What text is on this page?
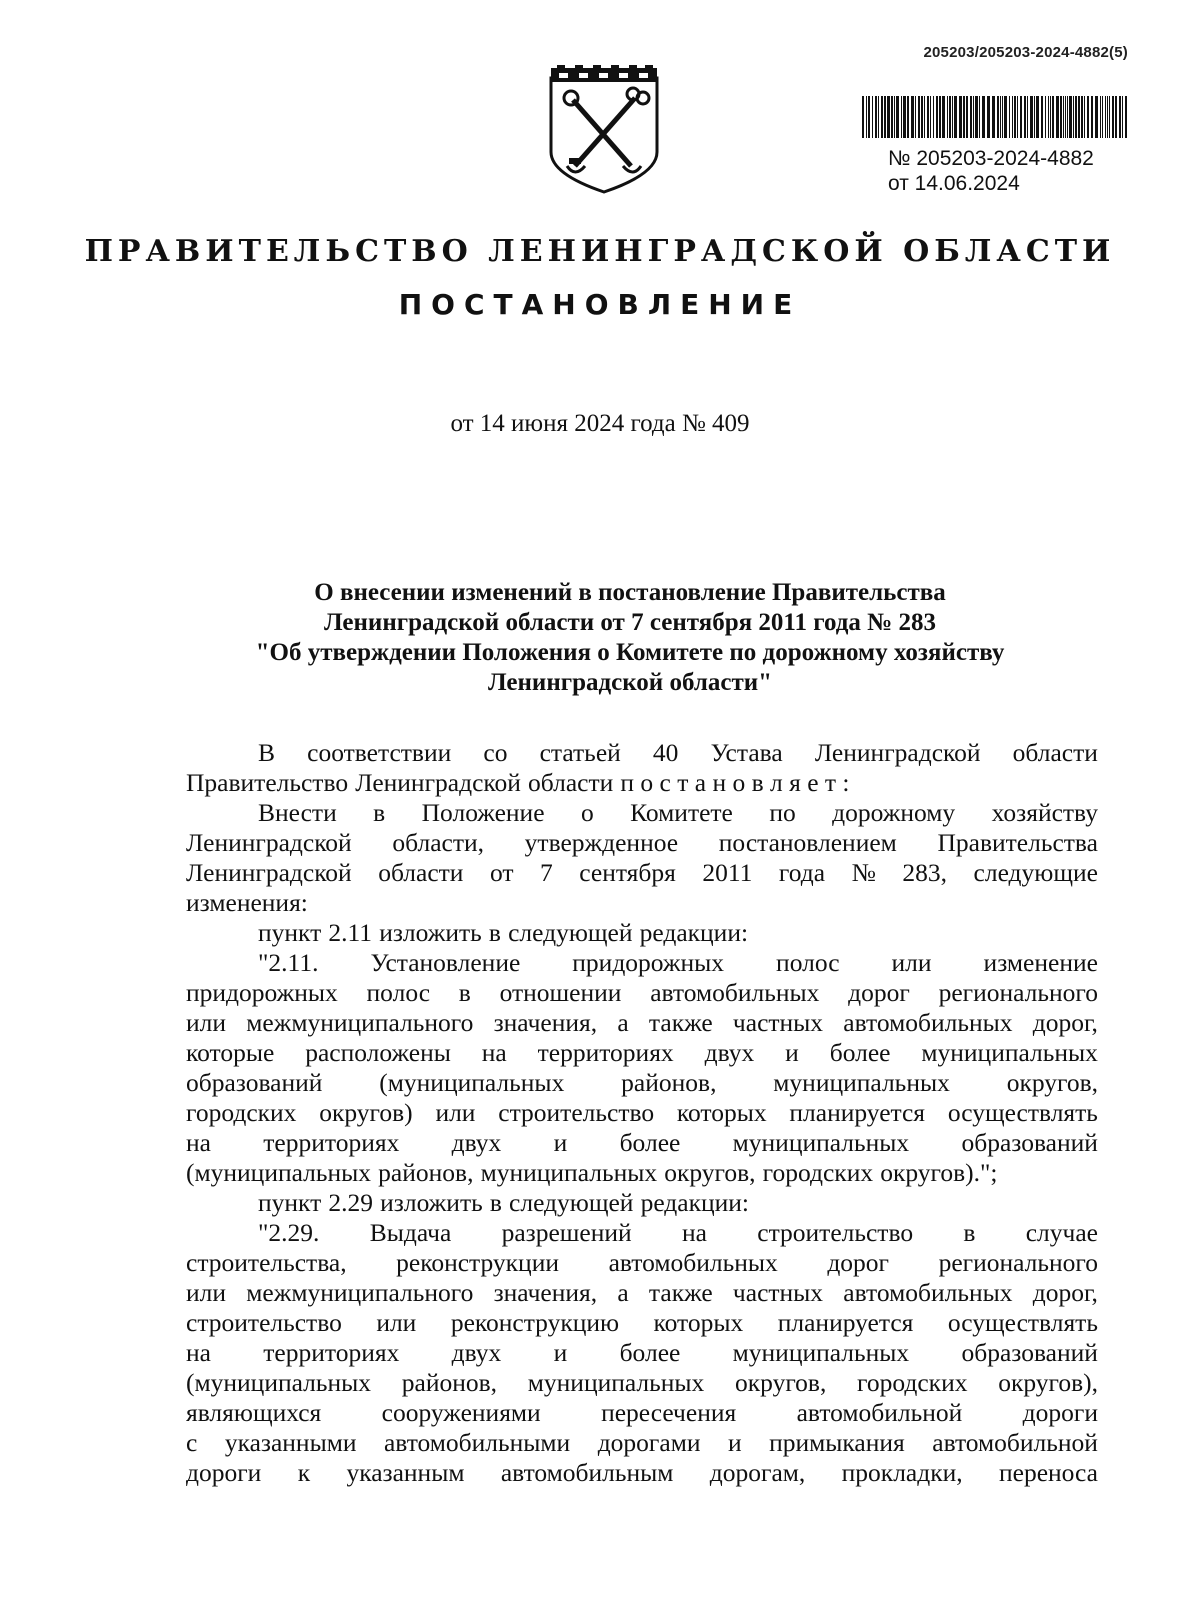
205203/205203-2024-4882(5)
№ 205203-2024-4882
от 14.06.2024
ПРАВИТЕЛЬСТВО ЛЕНИНГРАДСКОЙ ОБЛАСТИ
ПОСТАНОВЛЕНИЕ
от 14 июня 2024 года № 409
О внесении изменений в постановление Правительства
Ленинградской области от 7 сентября 2011 года № 283
"Об утверждении Положения о Комитете по дорожному хозяйству
Ленинградской области"
В соответствии со статьей 40 Устава Ленинградской области
Правительство Ленинградской области п о с т а н о в л я е т :
Внести в Положение о Комитете по дорожному хозяйству
Ленинградской области, утвержденное постановлением Правительства
Ленинградской области от 7 сентября 2011 года № 283, следующие
изменения:
пункт 2.11 изложить в следующей редакции:
"2.11. Установление придорожных полос или изменение
придорожных полос в отношении автомобильных дорог регионального
или межмуниципального значения, а также частных автомобильных дорог,
которые расположены на территориях двух и более муниципальных
образований (муниципальных районов, муниципальных округов,
городских округов) или строительство которых планируется осуществлять
на территориях двух и более муниципальных образований
(муниципальных районов, муниципальных округов, городских округов).";
пункт 2.29 изложить в следующей редакции:
"2.29. Выдача разрешений на строительство в случае
строительства, реконструкции автомобильных дорог регионального
или межмуниципального значения, а также частных автомобильных дорог,
строительство или реконструкцию которых планируется осуществлять
на территориях двух и более муниципальных образований
(муниципальных районов, муниципальных округов, городских округов),
являющихся сооружениями пересечения автомобильной дороги
с указанными автомобильными дорогами и примыкания автомобильной
дороги к указанным автомобильным дорогам, прокладки, переноса
